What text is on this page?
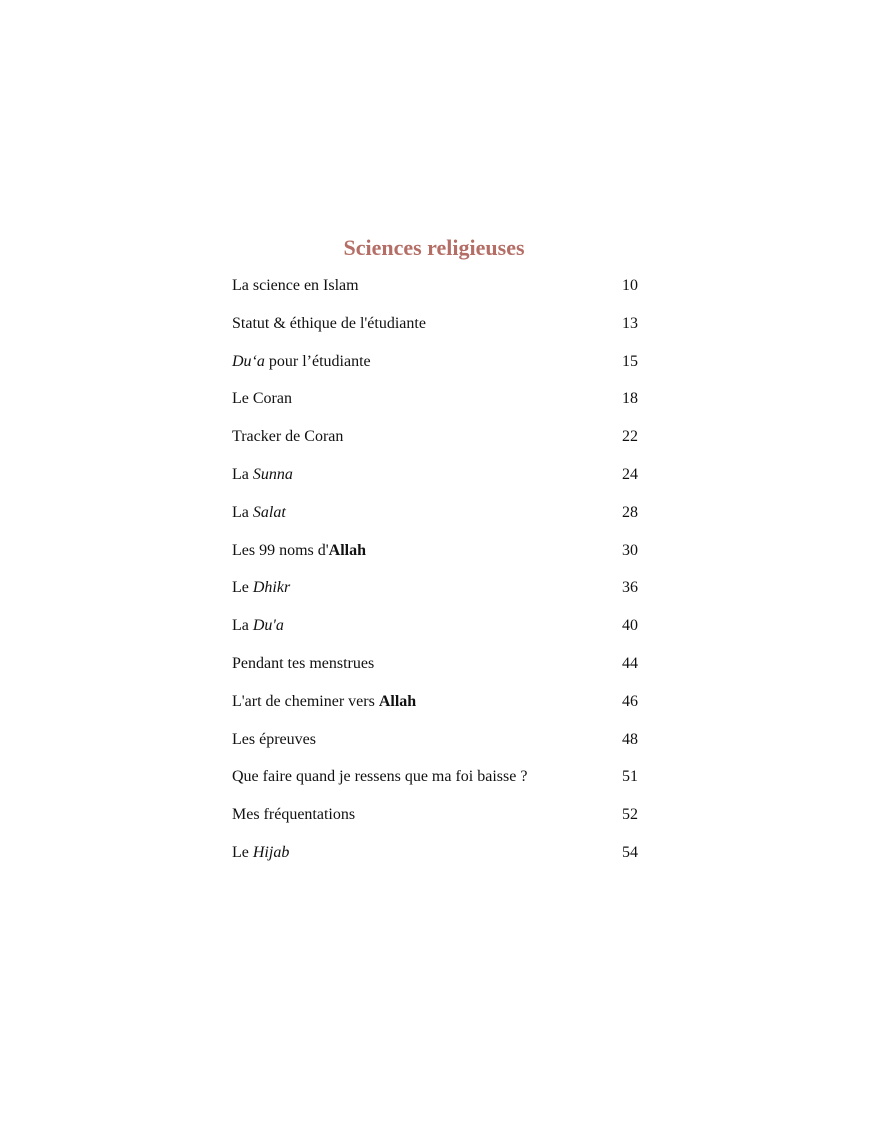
Sciences religieuses
La science en Islam	10
Statut & éthique de l'étudiante	13
Du‘a pour l’étudiante	15
Le Coran	18
Tracker de Coran	22
La Sunna	24
La Salat	28
Les 99 noms d'Allah	30
Le Dhikr	36
La Du'a	40
Pendant tes menstrues	44
L'art de cheminer vers Allah	46
Les épreuves	48
Que faire quand je ressens que ma foi baisse ?	51
Mes fréquentations	52
Le Hijab	54
